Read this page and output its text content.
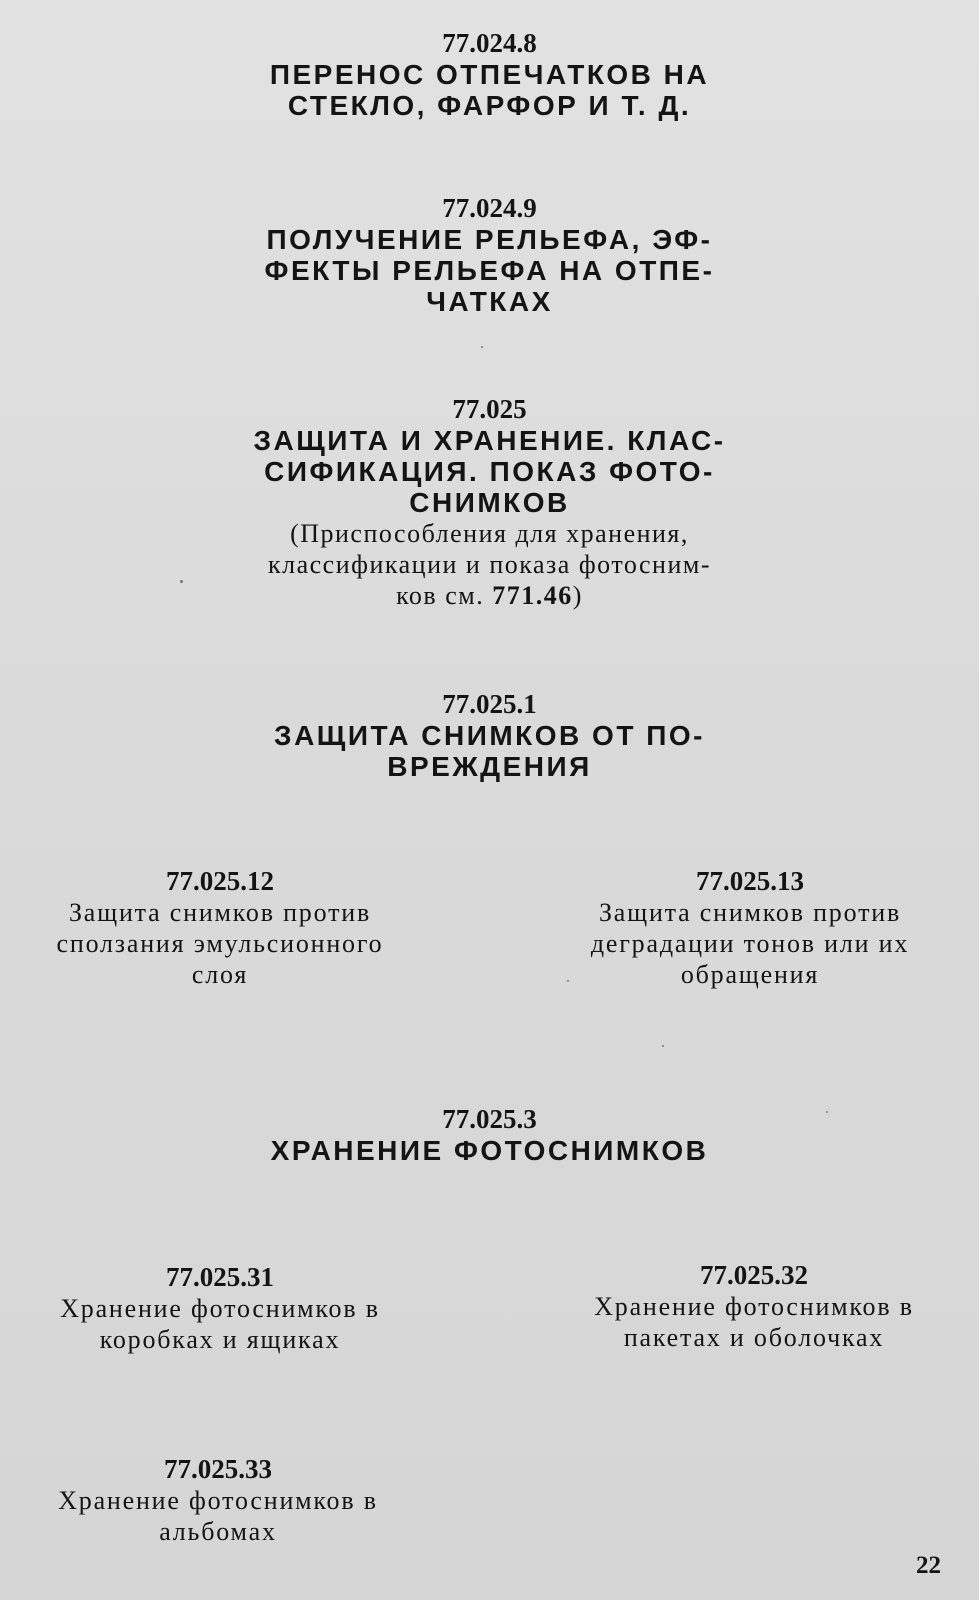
77.024.8
ПЕРЕНОС ОТПЕЧАТКОВ НА
СТЕКЛО, ФАРФОР И Т. Д.
77.024.9
ПОЛУЧЕНИЕ РЕЛЬЕФА, ЭФ-
ФЕКТЫ РЕЛЬЕФА НА ОТПЕ-
ЧАТКАХ
77.025
ЗАЩИТА И ХРАНЕНИЕ. КЛАС-
СИФИКАЦИЯ. ПОКАЗ ФОТО-
СНИМКОВ
(Приспособления для хранения,
классификации и показа фотосним-
ков см. 771.46)
77.025.1
ЗАЩИТА СНИМКОВ ОТ ПО-
ВРЕЖДЕНИЯ
77.025.12
Защита снимков против
сползания эмульсионного
слоя
77.025.13
Защита снимков против
деградации тонов или их
обращения
77.025.3
ХРАНЕНИЕ ФОТОСНИМКОВ
77.025.31
Хранение фотоснимков в
коробках и ящиках
77.025.32
Хранение фотоснимков в
пакетах и оболочках
77.025.33
Хранение фотоснимков в
альбомах
22
